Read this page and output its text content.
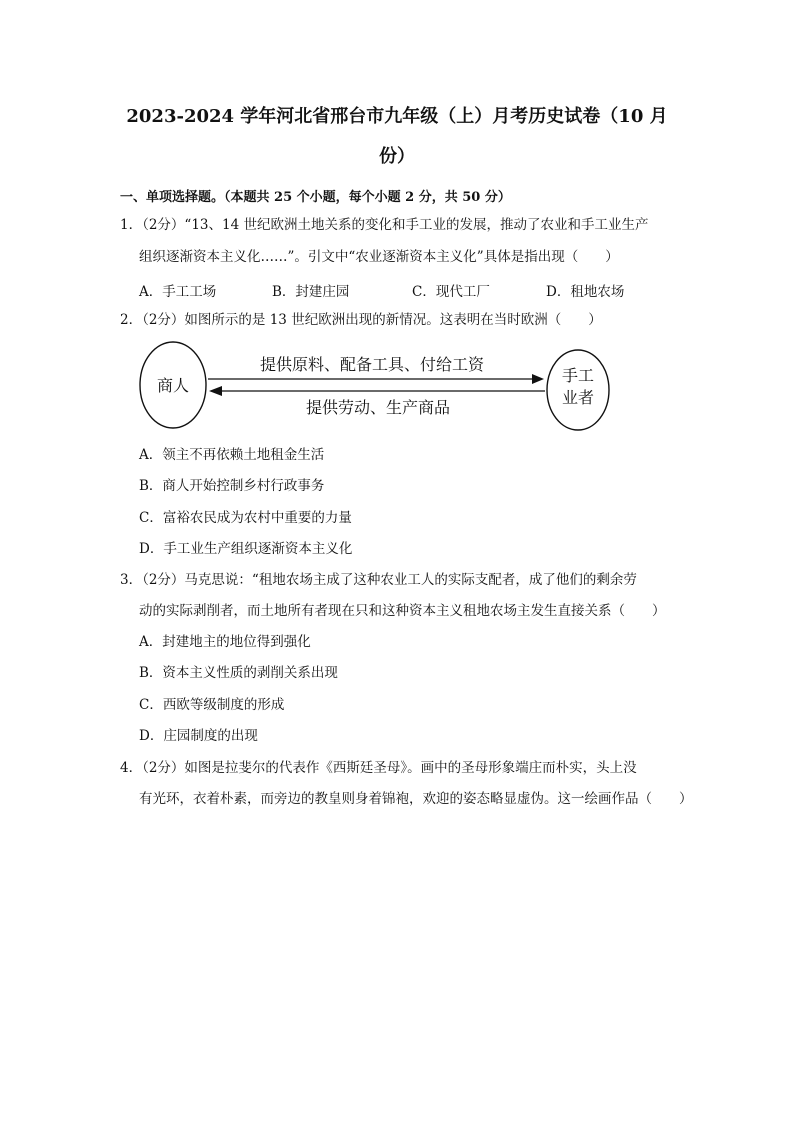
2023-2024 学年河北省邢台市九年级（上）月考历史试卷（10 月
份）
一、单项选择题。（本题共 25 个小题，每个小题 2 分，共 50 分）
1．（2分）“13、14 世纪欧洲土地关系的变化和手工业的发展，推动了农业和手工业生产
组织逐渐资本主义化……”。引文中“农业逐渐资本主义化”具体是指出现（　　）
A．手工工场	B．封建庄园	C．现代工厂	D．租地农场
2．（2分）如图所示的是 13 世纪欧洲出现的新情况。这表明在当时欧洲（　　）
商人
手工
业者
提供原料、配备工具、付给工资
提供劳动、生产商品
A．领主不再依赖土地租金生活
B．商人开始控制乡村行政事务
C．富裕农民成为农村中重要的力量
D．手工业生产组织逐渐资本主义化
3．（2分）马克思说：“租地农场主成了这种农业工人的实际支配者，成了他们的剩余劳
动的实际剥削者，而土地所有者现在只和这种资本主义租地农场主发生直接关系（　　）
A．封建地主的地位得到强化
B．资本主义性质的剥削关系出现
C．西欧等级制度的形成
D．庄园制度的出现
4．（2分）如图是拉斐尔的代表作《西斯廷圣母》。画中的圣母形象端庄而朴实，头上没
有光环，衣着朴素，而旁边的教皇则身着锦袍，欢迎的姿态略显虚伪。这一绘画作品（　　）
